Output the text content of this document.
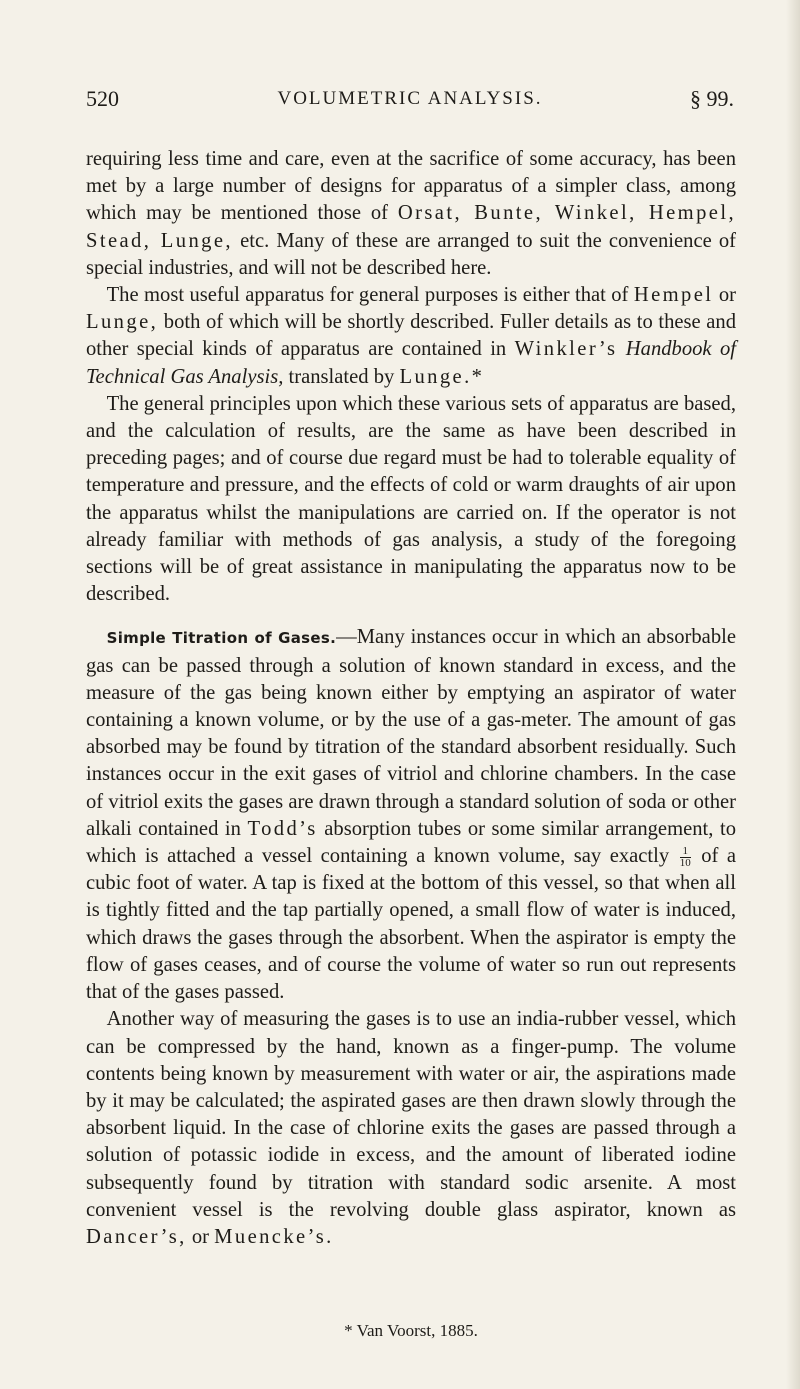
520	VOLUMETRIC ANALYSIS.	§ 99.

requiring less time and care, even at the sacrifice of some accuracy, has been met by a large number of designs for apparatus of a simpler class, among which may be mentioned those of Orsat, Bunte, Winkel, Hempel, Stead, Lunge, etc. Many of these are arranged to suit the convenience of special industries, and will not be described here.

 The most useful apparatus for general purposes is either that of Hempel or Lunge, both of which will be shortly described. Fuller details as to these and other special kinds of apparatus are contained in Winkler’s Handbook of Technical Gas Analysis, translated by Lunge.*

 The general principles upon which these various sets of apparatus are based, and the calculation of results, are the same as have been described in preceding pages; and of course due regard must be had to tolerable equality of temperature and pressure, and the effects of cold or warm draughts of air upon the apparatus whilst the manipulations are carried on. If the operator is not already familiar with methods of gas analysis, a study of the foregoing sections will be of great assistance in manipulating the apparatus now to be described.

 Simple Titration of Gases.—Many instances occur in which an absorbable gas can be passed through a solution of known standard in excess, and the measure of the gas being known either by emptying an aspirator of water containing a known volume, or by the use of a gas-meter. The amount of gas absorbed may be found by titration of the standard absorbent residually. Such instances occur in the exit gases of vitriol and chlorine chambers. In the case of vitriol exits the gases are drawn through a standard solution of soda or other alkali contained in Todd’s absorption tubes or some similar arrangement, to which is attached a vessel containing a known volume, say exactly $\frac{1}{10}$ of a cubic foot of water. A tap is fixed at the bottom of this vessel, so that when all is tightly fitted and the tap partially opened, a small flow of water is induced, which draws the gases through the absorbent. When the aspirator is empty the flow of gases ceases, and of course the volume of water so run out represents that of the gases passed.

 Another way of measuring the gases is to use an india-rubber vessel, which can be compressed by the hand, known as a finger-pump. The volume contents being known by measurement with water or air, the aspirations made by it may be calculated; the aspirated gases are then drawn slowly through the absorbent liquid. In the case of chlorine exits the gases are passed through a solution of potassic iodide in excess, and the amount of liberated iodine subsequently found by titration with standard sodic arsenite. A most convenient vessel is the revolving double glass aspirator, known as Dancer’s, or Muencke’s.

* Van Voorst, 1885.
